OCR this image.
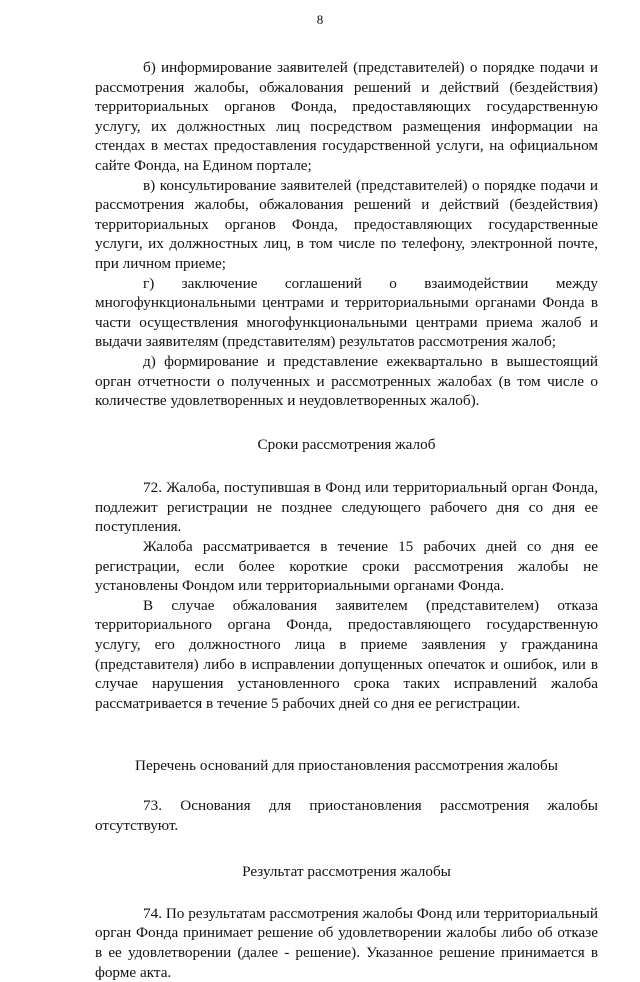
8

б) информирование заявителей (представителей) о порядке подачи и рассмотрения жалобы, обжалования решений и действий (бездействия) территориальных органов Фонда, предоставляющих государственную услугу, их должностных лиц посредством размещения информации на стендах в местах предоставления государственной услуги, на официальном сайте Фонда, на Едином портале;

в) консультирование заявителей (представителей) о порядке подачи и рассмотрения жалобы, обжалования решений и действий (бездействия) территориальных органов Фонда, предоставляющих государственные услуги, их должностных лиц, в том числе по телефону, электронной почте, при личном приеме;

г) заключение соглашений о взаимодействии между многофункциональными центрами и территориальными органами Фонда в части осуществления многофункциональными центрами приема жалоб и выдачи заявителям (представителям) результатов рассмотрения жалоб;

д) формирование и представление ежеквартально в вышестоящий орган отчетности о полученных и рассмотренных жалобах (в том числе о количестве удовлетворенных и неудовлетворенных жалоб).

Сроки рассмотрения жалоб

72. Жалоба, поступившая в Фонд или территориальный орган Фонда, подлежит регистрации не позднее следующего рабочего дня со дня ее поступления.

Жалоба рассматривается в течение 15 рабочих дней со дня ее регистрации, если более короткие сроки рассмотрения жалобы не установлены Фондом или территориальными органами Фонда.

В случае обжалования заявителем (представителем) отказа территориального органа Фонда, предоставляющего государственную услугу, его должностного лица в приеме заявления у гражданина (представителя) либо в исправлении допущенных опечаток и ошибок, или в случае нарушения установленного срока таких исправлений жалоба рассматривается в течение 5 рабочих дней со дня ее регистрации.

Перечень оснований для приостановления рассмотрения жалобы

73. Основания для приостановления рассмотрения жалобы отсутствуют.

Результат рассмотрения жалобы

74. По результатам рассмотрения жалобы Фонд или территориальный орган Фонда принимает решение об удовлетворении жалобы либо об отказе в ее удовлетворении (далее - решение). Указанное решение принимается в форме акта.
